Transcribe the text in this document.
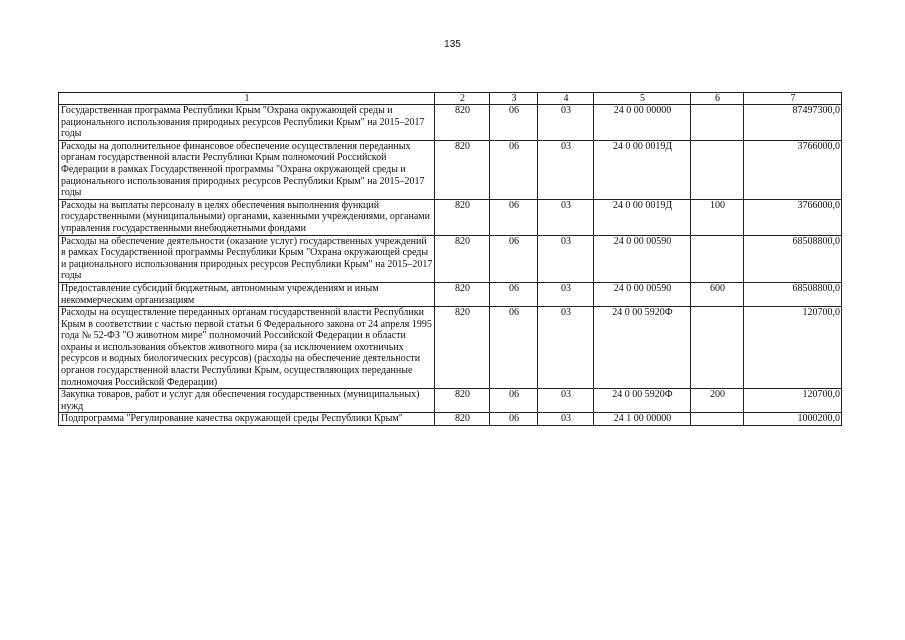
135
1	2	3	4	5	6	7
Государственная программа Республики Крым "Охрана окружающей среды и рационального использования природных ресурсов Республики Крым" на 2015–2017 годы	820	06	03	24 0 00 00000		87497300,0
Расходы на дополнительное финансовое обеспечение осуществления переданных органам государственной власти Республики Крым полномочий Российской Федерации в рамках Государственной программы "Охрана окружающей среды и рационального использования природных ресурсов Республики Крым" на 2015–2017 годы	820	06	03	24 0 00 0019Д		3766000,0
Расходы на выплаты персоналу в целях обеспечения выполнения функций государственными (муниципальными) органами, казенными учреждениями, органами управления государственными внебюджетными фондами	820	06	03	24 0 00 0019Д	100	3766000,0
Расходы на обеспечение деятельности (оказание услуг) государственных учреждений в рамках Государственной программы Республики Крым "Охрана окружающей среды и рационального использования природных ресурсов Республики Крым" на 2015–2017 годы	820	06	03	24 0 00 00590		68508800,0
Предоставление субсидий бюджетным, автономным учреждениям и иным некоммерческим организациям	820	06	03	24 0 00 00590	600	68508800,0
Расходы на осуществление переданных органам государственной власти Республики Крым в соответствии с частью первой статьи 6 Федерального закона от 24 апреля 1995 года № 52-ФЗ "О животном мире" полномочий Российской Федерации в области охраны и использования объектов животного мира (за исключением охотничьих ресурсов и водных биологических ресурсов) (расходы на обеспечение деятельности органов государственной власти Республики Крым, осуществляющих переданные полномочия Российской Федерации)	820	06	03	24 0 00 5920Ф		120700,0
Закупка товаров, работ и услуг для обеспечения государственных (муниципальных) нужд	820	06	03	24 0 00 5920Ф	200	120700,0
Подпрограмма "Регулирование качества окружающей среды Республики Крым"	820	06	03	24 1 00 00000		1000200,0
